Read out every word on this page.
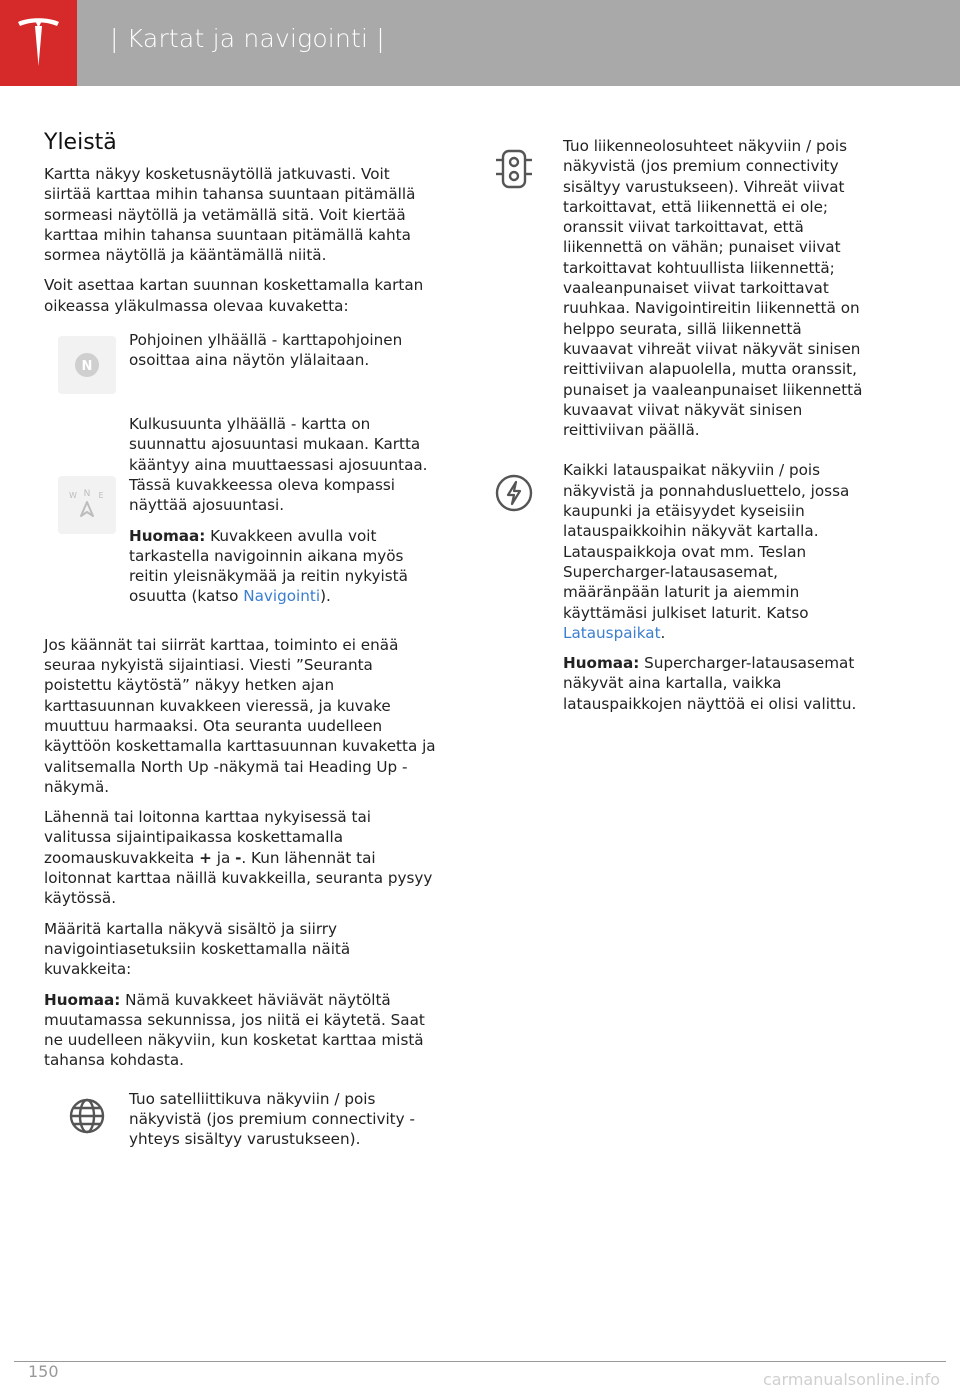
| Kartat ja navigointi |
Yleistä

Kartta näkyy kosketusnäytöllä jatkuvasti. Voit siirtää karttaa mihin tahansa suuntaan pitämällä sormeasi näytöllä ja vetämällä sitä. Voit kiertää karttaa mihin tahansa suuntaan pitämällä kahta sormea näytöllä ja kääntämällä niitä.

Voit asettaa kartan suunnan koskettamalla kartan oikeassa yläkulmassa olevaa kuvaketta:

N

Pohjoinen ylhäällä - karttapohjoinen osoittaa aina näytön ylälaitaan.

N
W	E

Kulkusuunta ylhäällä - kartta on suunnattu ajosuuntasi mukaan. Kartta kääntyy aina muuttaessasi ajosuuntaa. Tässä kuvakkeessa oleva kompassi näyttää ajosuuntasi.

Huomaa: Kuvakkeen avulla voit tarkastella navigoinnin aikana myös reitin yleisnäkymää ja reitin nykyistä osuutta (katso Navigointi).

Jos käännät tai siirrät karttaa, toiminto ei enää seuraa nykyistä sijaintiasi. Viesti ”Seuranta poistettu käytöstä” näkyy hetken ajan karttasuunnan kuvakkeen vieressä, ja kuvake muuttuu harmaaksi. Ota seuranta uudelleen käyttöön koskettamalla karttasuunnan kuvaketta ja valitsemalla North Up -näkymä tai Heading Up -näkymä.

Lähennä tai loitonna karttaa nykyisessä tai valitussa sijaintipaikassa koskettamalla zoomauskuvakkeita + ja -. Kun lähennät tai loitonnat karttaa näillä kuvakkeilla, seuranta pysyy käytössä.

Määritä kartalla näkyvä sisältö ja siirry navigointiasetuksiin koskettamalla näitä kuvakkeita:

Huomaa: Nämä kuvakkeet häviävät näytöltä muutamassa sekunnissa, jos niitä ei käytetä. Saat ne uudelleen näkyviin, kun kosketat karttaa mistä tahansa kohdasta.

Tuo satelliittikuva näkyviin / pois näkyvistä (jos premium connectivity -yhteys sisältyy varustukseen).

Tuo liikenneolosuhteet näkyviin / pois näkyvistä (jos premium connectivity sisältyy varustukseen). Vihreät viivat tarkoittavat, että liikennettä ei ole; oranssit viivat tarkoittavat, että liikennettä on vähän; punaiset viivat tarkoittavat kohtuullista liikennettä; vaaleanpunaiset viivat tarkoittavat ruuhkaa. Navigointireitin liikennettä on helppo seurata, sillä liikennettä kuvaavat vihreät viivat näkyvät sinisen reittiviivan alapuolella, mutta oranssit, punaiset ja vaaleanpunaiset liikennettä kuvaavat viivat näkyvät sinisen reittiviivan päällä.

Kaikki latauspaikat näkyviin / pois näkyvistä ja ponnahdusluettelo, jossa kaupunki ja etäisyydet kyseisiin latauspaikkoihin näkyvät kartalla. Latauspaikkoja ovat mm. Teslan Supercharger-latausasemat, määränpään laturit ja aiemmin käyttämäsi julkiset laturit. Katso Latauspaikat.

Huomaa: Supercharger-latausasemat näkyvät aina kartalla, vaikka latauspaikkojen näyttöä ei olisi valittu.

150	carmanualsonline.info
